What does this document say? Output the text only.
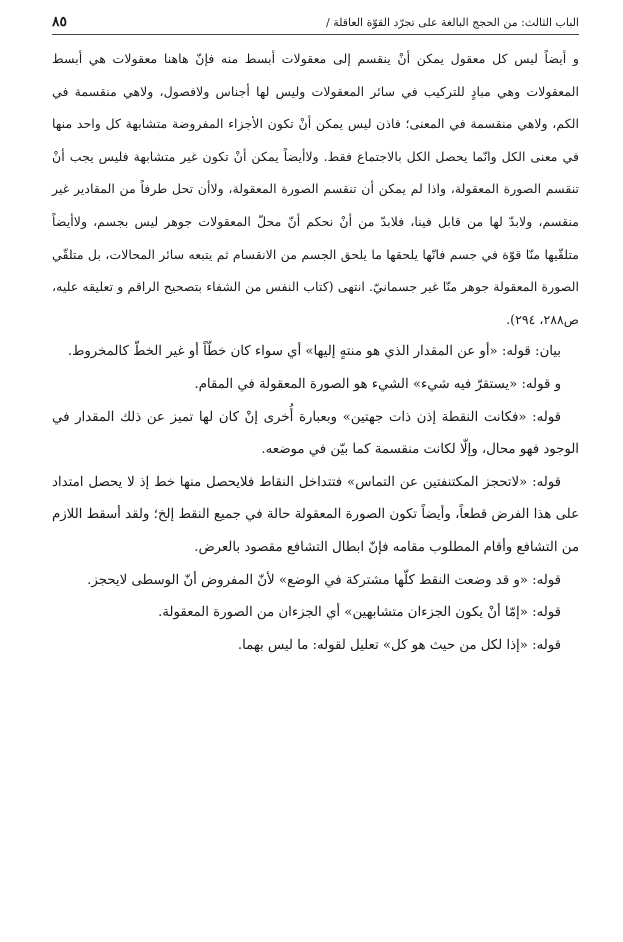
الباب الثالث: من الحجج البالغة على تجرّد القوّة العاقلة /
٨٥

و أيضاً ليس كل معقول يمكن أنْ ينقسم إلى معقولات أبسط منه فإنّ هاهنا معقولات هي أبسط المعقولات وهي مبادٍ للتركيب في سائر المعقولات وليس لها أجناس ولافصول، ولاهي منقسمة في الكم، ولاهي منقسمة في المعنى؛ فاذن ليس يمكن أنْ تكون الأجزاء المفروضة متشابهة كل واحد منها في معنى الكل وانّما يحصل الكل بالاجتماع فقط. ولاأيضاً يمكن أنْ تكون غير متشابهة فليس يجب أنْ تنقسم الصورة المعقولة، واذا لم يمكن أن تنقسم الصورة المعقولة، ولاأن تحل طرفاً من المقادير غير منقسم، ولابدّ لها من قابل فينا، فلابدّ من أنْ نحكم أنّ محلّ المعقولات جوهر ليس بجسم، ولاأيضاً متلقّيها منّا قوّة في جسم فانّها يلحقها ما يلحق الجسم من الانقسام ثم يتبعه سائر المحالات، بل متلقّي الصورة المعقولة جوهر منّا غير جسمانيّ. انتهى (كتاب النفس من الشفاء بتصحيح الراقم و تعليقه عليه، ص٢٨٨، ٢٩٤).

بيان: قوله: «أو عن المقدار الذي هو منتهٍ إليها» أي سواء كان خطّاً أو غير الخطّ كالمخروط.

و قوله: «يستقرّ فيه شيء» الشيء هو الصورة المعقولة في المقام.

قوله: «فكانت النقطة إذن ذات جهتين» وبعبارة أُخرى إنْ كان لها تميز عن ذلك المقدار في الوجود فهو محال، وإلّا لكانت منقسمة كما بيّن في موضعه.

قوله: «لاتحجز المكتنفتين عن التماس» فتتداخل النقاط فلايحصل منها خط إذ لا يحصل امتداد على هذا الفرض قطعاً، وأيضاً تكون الصورة المعقولة حالة في جميع النقط إلخ؛ ولقد أسقط اللازم من التشافع وأقام المطلوب مقامه فإنّ ابطال التشافع مقصود بالعرض.

قوله: «و قد وضعت النقط كلّها مشتركة في الوضع» لأنّ المفروض أنّ الوسطى لايحجز.

قوله: «إمّا أنْ يكون الجزءان متشابهين» أي الجزءان من الصورة المعقولة.

قوله: «إذا لكل من حيث هو كل» تعليل لقوله: ما ليس بهما.
